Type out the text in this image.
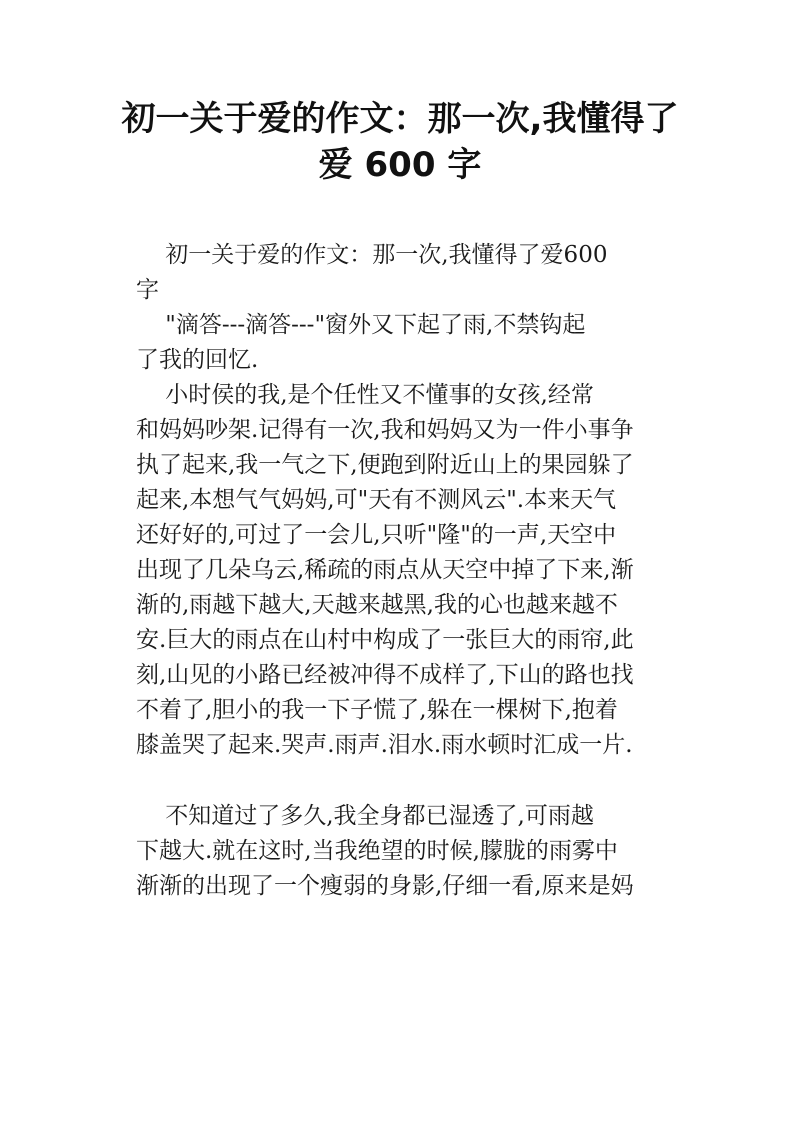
初一关于爱的作文：那一次,我懂得了
爱 600 字
初一关于爱的作文：那一次,我懂得了爱600
字
"滴答---滴答---"窗外又下起了雨,不禁钩起
了我的回忆.
小时侯的我,是个任性又不懂事的女孩,经常
和妈妈吵架.记得有一次,我和妈妈又为一件小事争
执了起来,我一气之下,便跑到附近山上的果园躲了
起来,本想气气妈妈,可"天有不测风云".本来天气
还好好的,可过了一会儿,只听"隆"的一声,天空中
出现了几朵乌云,稀疏的雨点从天空中掉了下来,渐
渐的,雨越下越大,天越来越黑,我的心也越来越不
安.巨大的雨点在山村中构成了一张巨大的雨帘,此
刻,山见的小路已经被冲得不成样了,下山的路也找
不着了,胆小的我一下子慌了,躲在一棵树下,抱着
膝盖哭了起来.哭声.雨声.泪水.雨水顿时汇成一片.
不知道过了多久,我全身都已湿透了,可雨越
下越大.就在这时,当我绝望的时候,朦胧的雨雾中
渐渐的出现了一个瘦弱的身影,仔细一看,原来是妈
